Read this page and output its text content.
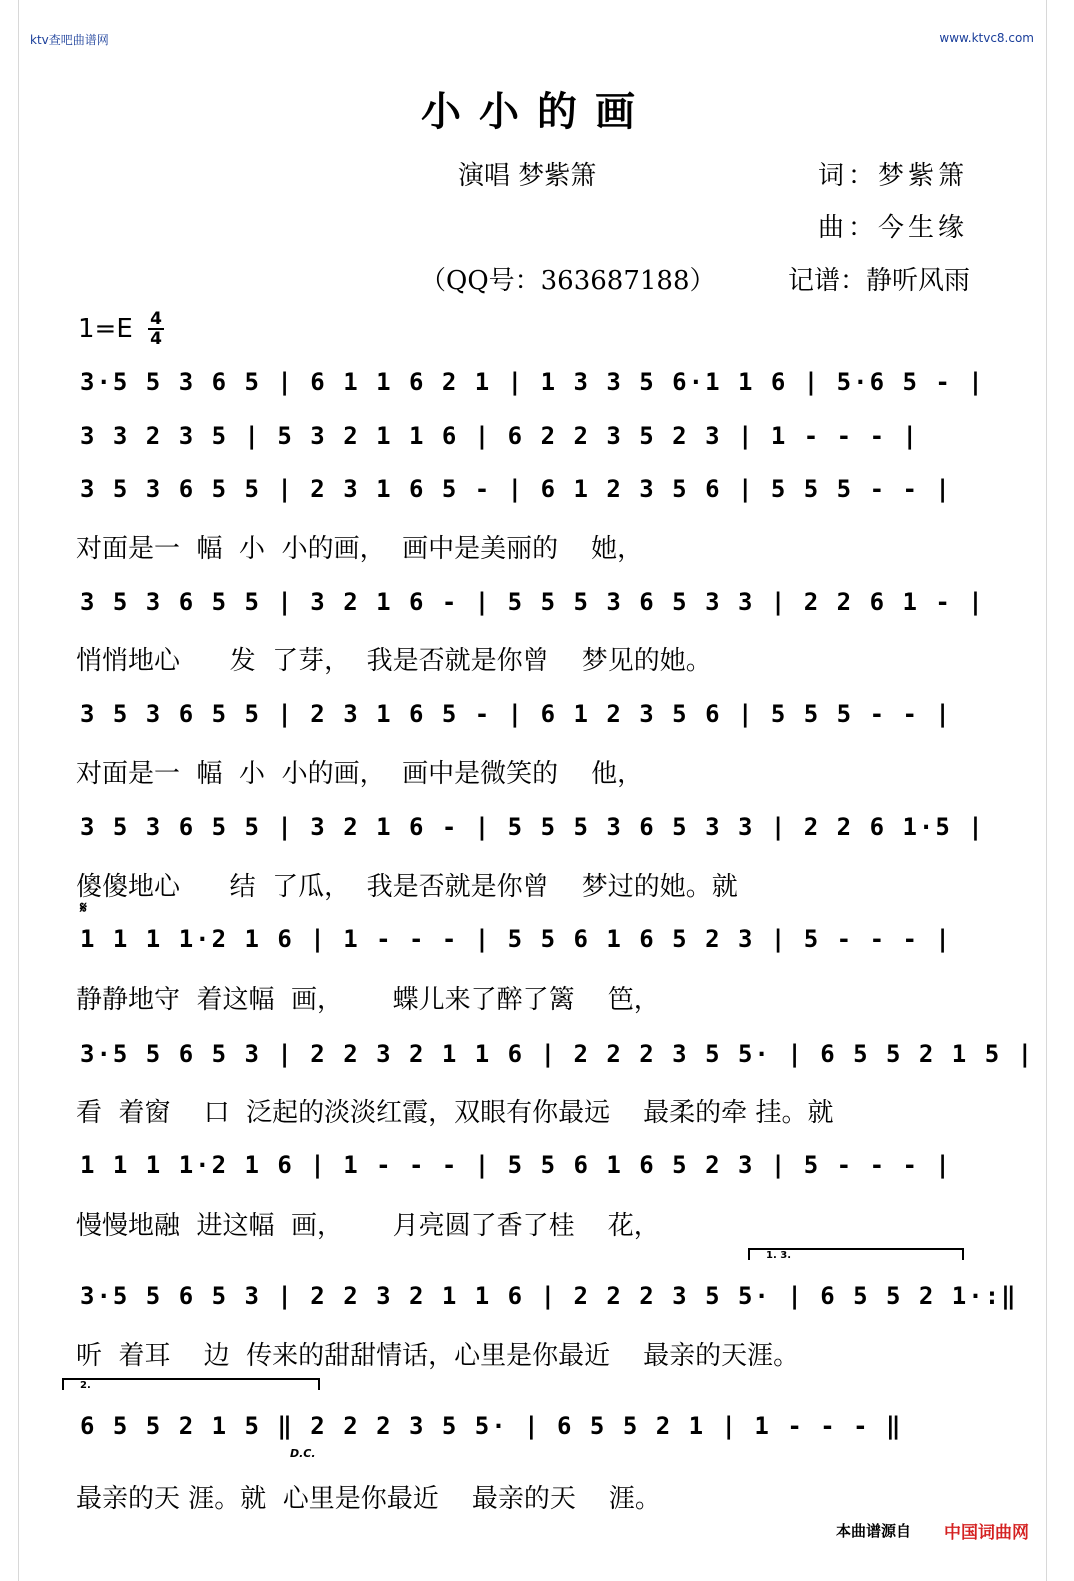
ktv查吧曲谱网	www.ktvc8.com
小小的画
演唱 梦紫箫	词：梦紫箫
曲：今生缘
（QQ号：363687188）	记谱：静听风雨
1=E 4
4
𝄋
1. 3.
2.
D.C.
3·5 5 3 6 5 | 6 1 1 6 2 1 | 1 3 3 5 6·1 1 6 | 5·6 5 - |
3 3 2 3 5 | 5 3 2 1 1 6 | 6 2 2 3 5 2 3 | 1 - - - |
3 5 3 6 5 5 | 2 3 1 6 5 - | 6 1 2 3 5 6 | 5 5 5 - - |
对面是一  幅  小  小的画，  画中是美丽的    她，
3 5 3 6 5 5 | 3 2 1 6 - | 5 5 5 3 6 5 3 3 | 2 2 6 1 - |
悄悄地心      发  了芽，  我是否就是你曾    梦见的她。
3 5 3 6 5 5 | 2 3 1 6 5 - | 6 1 2 3 5 6 | 5 5 5 - - |
对面是一  幅  小  小的画，  画中是微笑的    他，
3 5 3 6 5 5 | 3 2 1 6 - | 5 5 5 3 6 5 3 3 | 2 2 6 1·5 |
傻傻地心      结  了瓜，  我是否就是你曾    梦过的她。就
1 1 1 1·2 1 6 | 1 - - - | 5 5 6 1 6 5 2 3 | 5 - - - |
静静地守  着这幅  画，      蝶儿来了醉了篱    笆，
3·5 5 6 5 3 | 2 2 3 2 1 1 6 | 2 2 2 3 5 5· | 6 5 5 2 1 5 |
看  着窗    口  泛起的淡淡红霞，双眼有你最远    最柔的牵 挂。就
1 1 1 1·2 1 6 | 1 - - - | 5 5 6 1 6 5 2 3 | 5 - - - |
慢慢地融  进这幅  画，      月亮圆了香了桂    花，
3·5 5 6 5 3 | 2 2 3 2 1 1 6 | 2 2 2 3 5 5· | 6 5 5 2 1·:‖
听  着耳    边  传来的甜甜情话，心里是你最近    最亲的天涯。
6 5 5 2 1 5 ‖ 2 2 2 3 5 5· | 6 5 5 2 1 | 1 - - - ‖
最亲的天 涯。就  心里是你最近    最亲的天    涯。
本曲谱源自 中国词曲网
